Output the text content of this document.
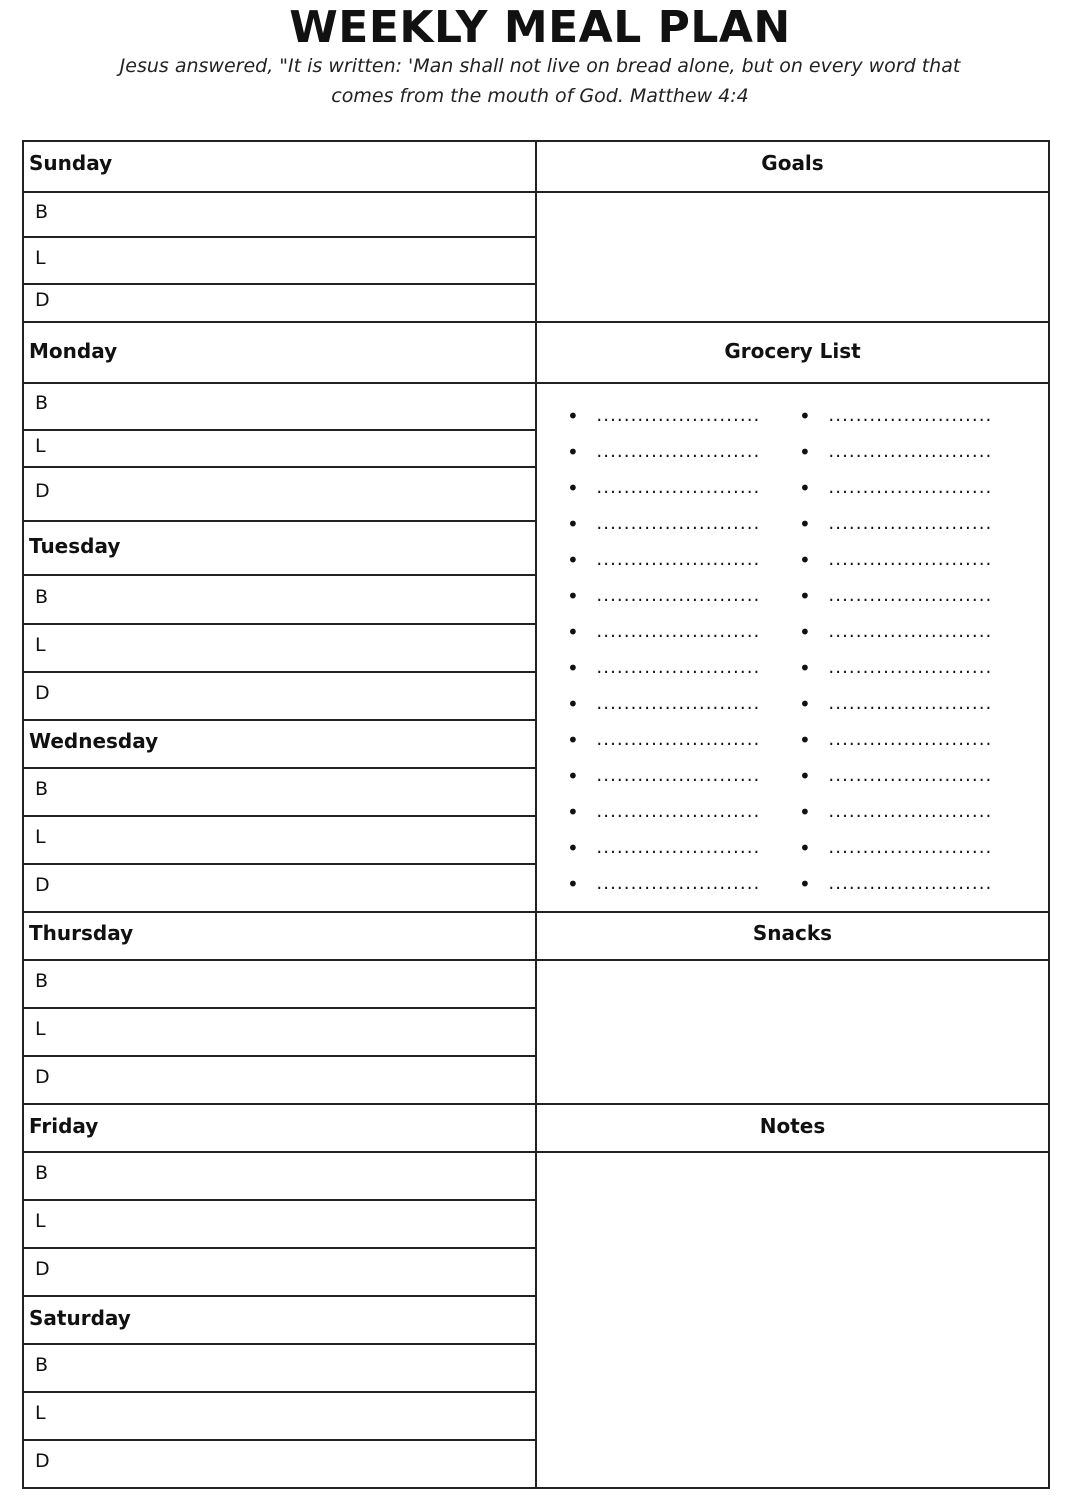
WEEKLY MEAL PLAN
Jesus answered, "It is written: 'Man shall not live on bread alone, but on every word that
comes from the mouth of God. Matthew 4:4
Sunday
Monday
Tuesday
Wednesday
Thursday
Friday
Saturday
B
L
D
B
L
D
B
L
D
B
L
D
B
L
D
B
L
D
B
L
D
Goals
Grocery List
• ........................
• ........................
• ........................
• ........................
• ........................
• ........................
• ........................
• ........................
• ........................
• ........................
• ........................
• ........................
• ........................
• ........................
• ........................
• ........................
• ........................
• ........................
• ........................
• ........................
• ........................
• ........................
• ........................
• ........................
• ........................
• ........................
• ........................
• ........................
Snacks
Notes
